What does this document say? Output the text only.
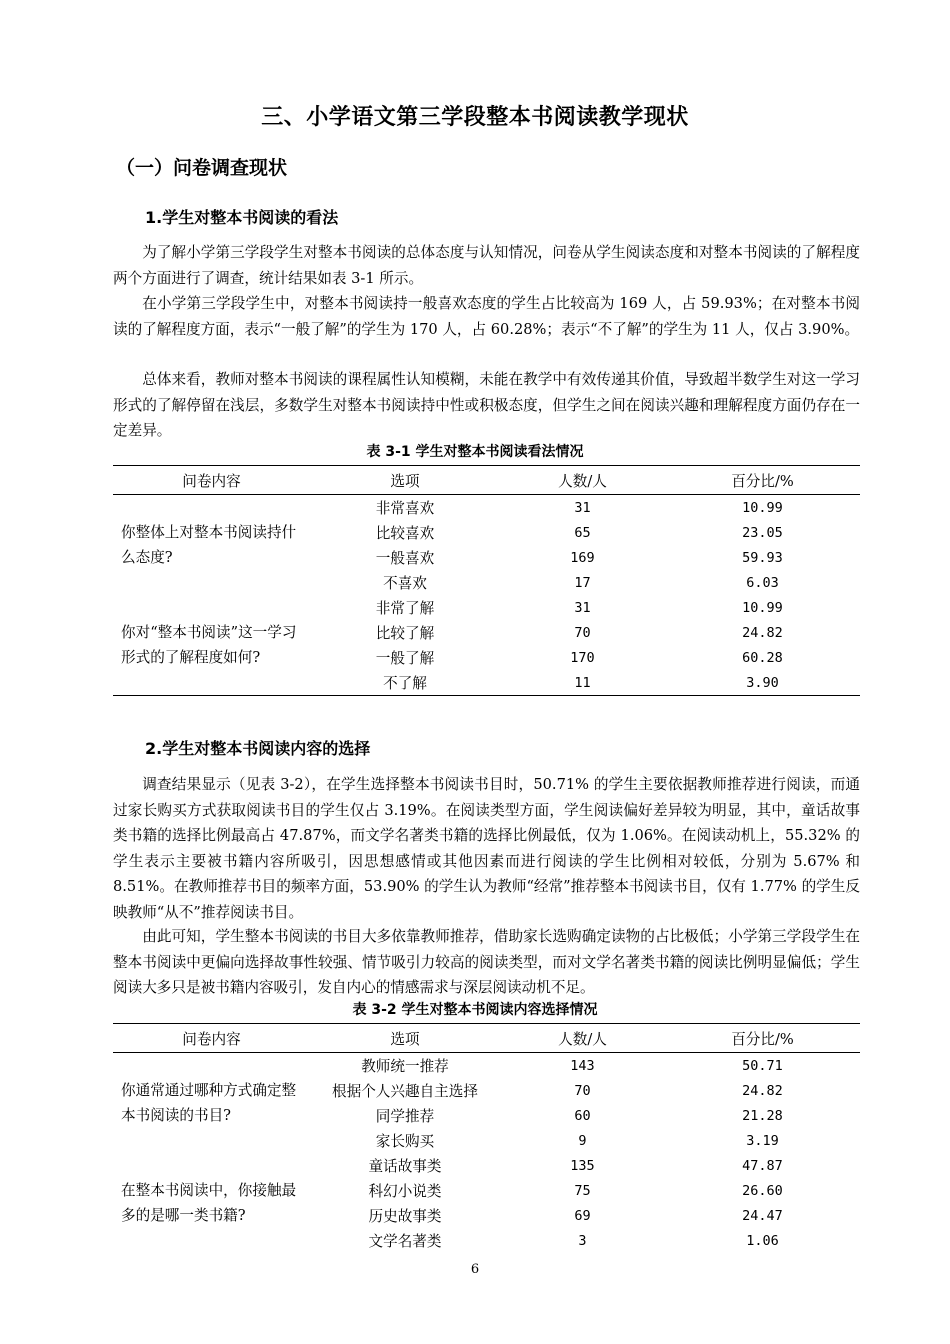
三、小学语文第三学段整本书阅读教学现状
（一）问卷调查现状
1.学生对整本书阅读的看法

为了解小学第三学段学生对整本书阅读的总体态度与认知情况，问卷从学生阅读态度和对整本书阅读的了解程度两个方面进行了调查，统计结果如表 3-1 所示。

在小学第三学段学生中，对整本书阅读持一般喜欢态度的学生占比较高为 169 人，占 59.93%；在对整本书阅读的了解程度方面，表示“一般了解”的学生为 170 人，占 60.28%；表示“不了解”的学生为 11 人，仅占 3.90%。

总体来看，教师对整本书阅读的课程属性认知模糊，未能在教学中有效传递其价值，导致超半数学生对这一学习形式的了解停留在浅层，多数学生对整本书阅读持中性或积极态度，但学生之间在阅读兴趣和理解程度方面仍存在一定差异。

表 3-1 学生对整本书阅读看法情况

问卷内容	选项	人数/人	百分比/%
你整体上对整本书阅读持什么态度?	非常喜欢	31	10.99
	比较喜欢	65	23.05
	一般喜欢	169	59.93
	不喜欢	17	6.03
你对“整本书阅读”这一学习形式的了解程度如何?	非常了解	31	10.99
	比较了解	70	24.82
	一般了解	170	60.28
	不了解	11	3.90
2.学生对整本书阅读内容的选择

调查结果显示（见表 3-2），在学生选择整本书阅读书目时，50.71% 的学生主要依据教师推荐进行阅读，而通过家长购买方式获取阅读书目的学生仅占 3.19%。在阅读类型方面，学生阅读偏好差异较为明显，其中，童话故事类书籍的选择比例最高占 47.87%，而文学名著类书籍的选择比例最低，仅为 1.06%。在阅读动机上，55.32% 的学生表示主要被书籍内容所吸引，因思想感情或其他因素而进行阅读的学生比例相对较低，分别为 5.67% 和 8.51%。在教师推荐书目的频率方面，53.90% 的学生认为教师“经常”推荐整本书阅读书目，仅有 1.77% 的学生反映教师“从不”推荐阅读书目。

由此可知，学生整本书阅读的书目大多依靠教师推荐，借助家长选购确定读物的占比极低；小学第三学段学生在整本书阅读中更偏向选择故事性较强、情节吸引力较高的阅读类型，而对文学名著类书籍的阅读比例明显偏低；学生阅读大多只是被书籍内容吸引，发自内心的情感需求与深层阅读动机不足。

表 3-2 学生对整本书阅读内容选择情况

问卷内容	选项	人数/人	百分比/%
你通常通过哪种方式确定整本书阅读的书目?	教师统一推荐	143	50.71
	根据个人兴趣自主选择	70	24.82
	同学推荐	60	21.28
	家长购买	9	3.19
在整本书阅读中，你接触最多的是哪一类书籍?	童话故事类	135	47.87
	科幻小说类	75	26.60
	历史故事类	69	24.47
	文学名著类	3	1.06

6
